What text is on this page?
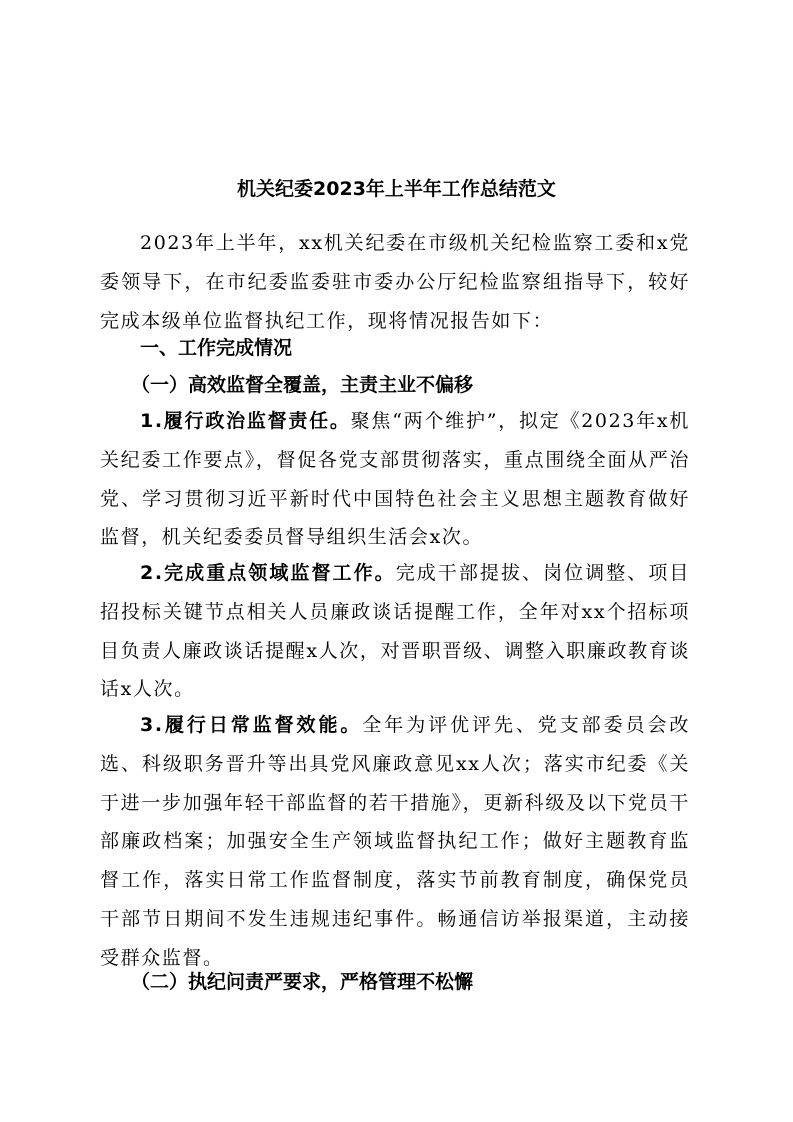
机关纪委2023年上半年工作总结范文

2023年上半年，xx机关纪委在市级机关纪检监察工委和x党委领导下，在市纪委监委驻市委办公厅纪检监察组指导下，较好完成本级单位监督执纪工作，现将情况报告如下：

一、工作完成情况
（一）高效监督全覆盖，主责主业不偏移

1.履行政治监督责任。聚焦“两个维护”，拟定《2023年x机关纪委工作要点》，督促各党支部贯彻落实，重点围绕全面从严治党、学习贯彻习近平新时代中国特色社会主义思想主题教育做好监督，机关纪委委员督导组织生活会x次。

2.完成重点领域监督工作。完成干部提拔、岗位调整、项目招投标关键节点相关人员廉政谈话提醒工作，全年对xx个招标项目负责人廉政谈话提醒x人次，对晋职晋级、调整入职廉政教育谈话x人次。

3.履行日常监督效能。全年为评优评先、党支部委员会改选、科级职务晋升等出具党风廉政意见xx人次；落实市纪委《关于进一步加强年轻干部监督的若干措施》，更新科级及以下党员干部廉政档案；加强安全生产领域监督执纪工作；做好主题教育监督工作，落实日常工作监督制度，落实节前教育制度，确保党员干部节日期间不发生违规违纪事件。畅通信访举报渠道，主动接受群众监督。

（二）执纪问责严要求，严格管理不松懈
